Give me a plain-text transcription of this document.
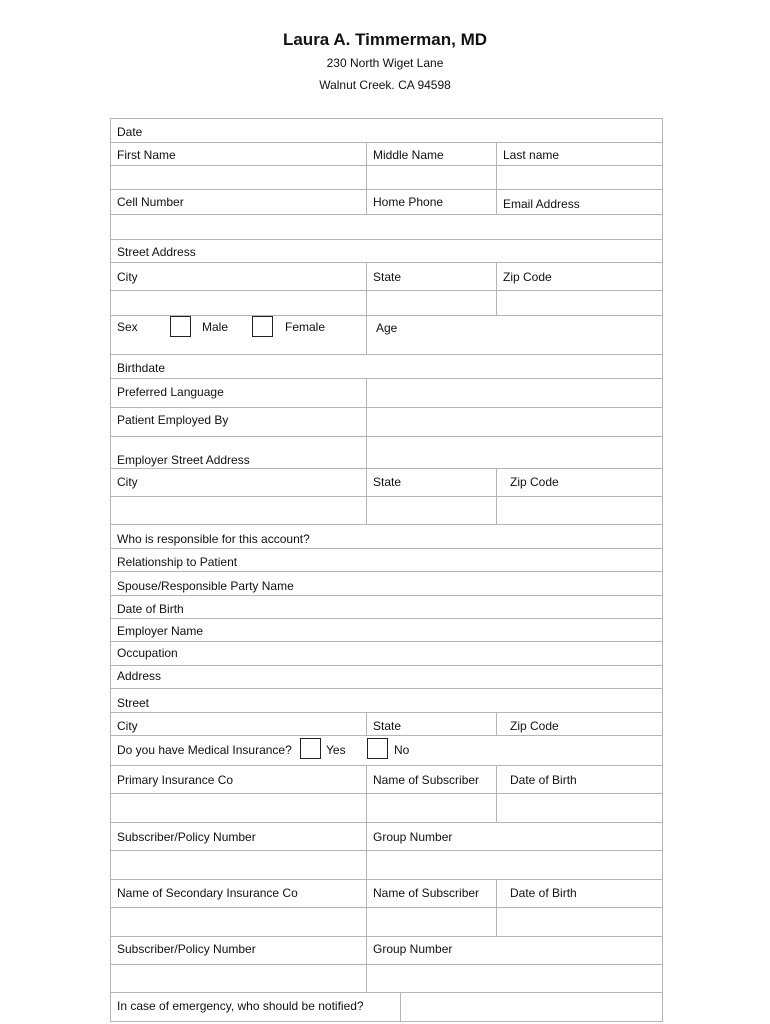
Laura A. Timmerman, MD
230 North Wiget Lane
Walnut Creek. CA 94598
Date
First Name	Middle Name	Last name
Cell Number	Home Phone	Email Address
Street Address
City	State	Zip Code
Sex	Male	Female	Age
Birthdate
Preferred Language
Patient Employed By
Employer Street Address
City	State	Zip Code
Who is responsible for this account?
Relationship to Patient
Spouse/Responsible Party Name
Date of Birth
Employer Name
Occupation
Address
Street
City	State	Zip Code
Do you have Medical Insurance?	Yes	No
Primary Insurance Co	Name of Subscriber	Date of Birth
Subscriber/Policy Number	Group Number
Name of Secondary Insurance Co	Name of Subscriber	Date of Birth
Subscriber/Policy Number	Group Number
In case of emergency, who should be notified?
